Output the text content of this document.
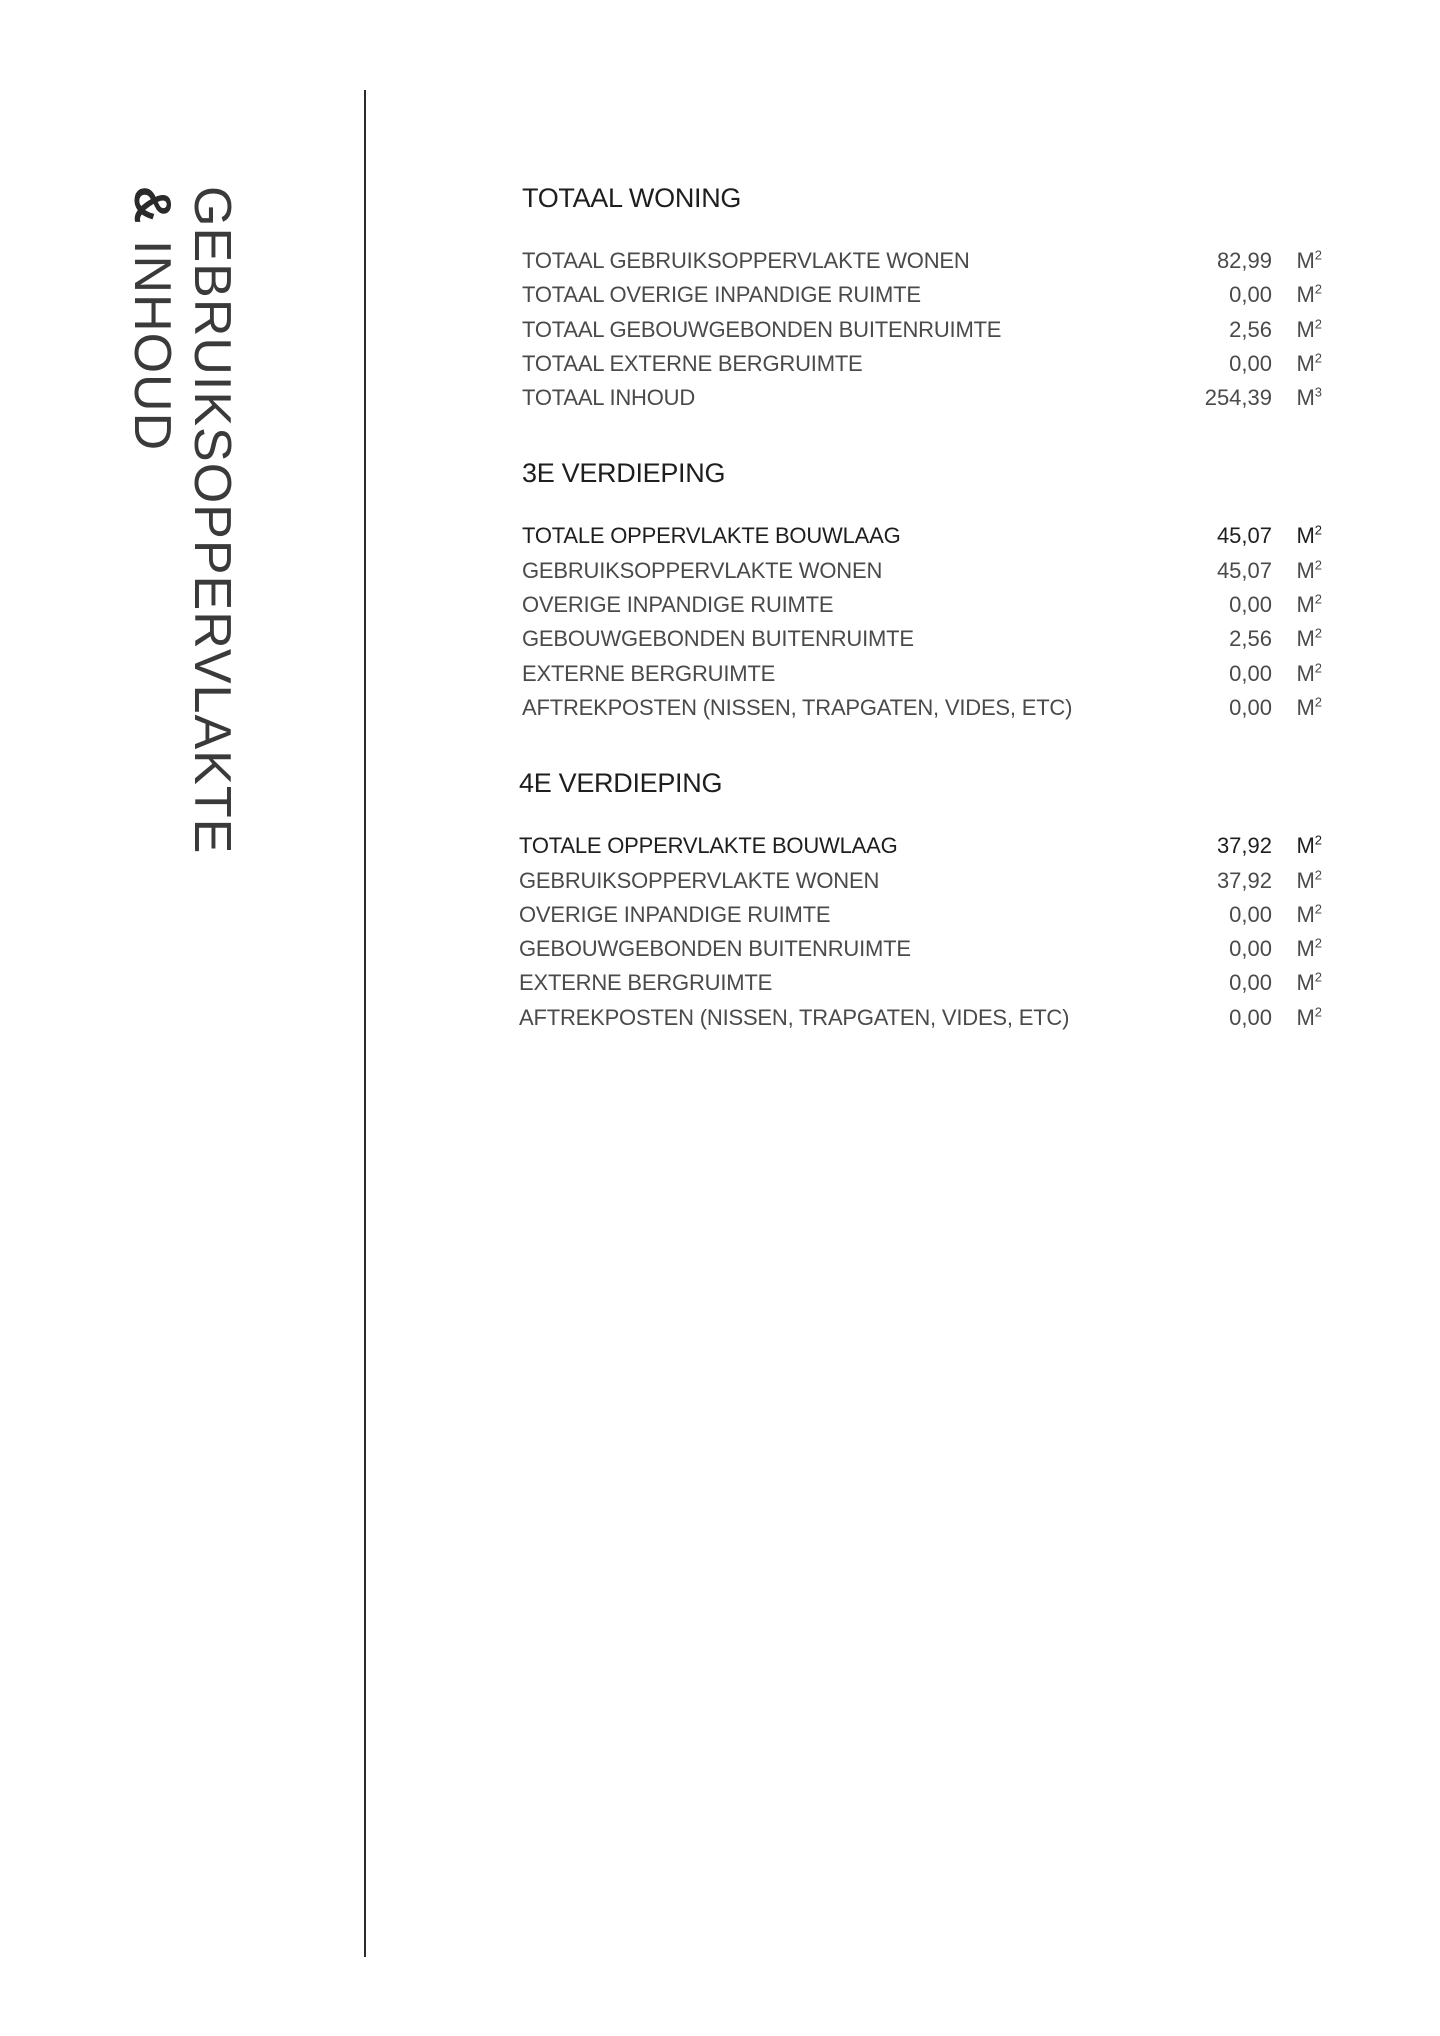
GEBRUIKSOPPERVLAKTE
& INHOUD
TOTAAL WONING
TOTAAL GEBRUIKSOPPERVLAKTE WONEN	82,99	$M^2$
TOTAAL OVERIGE INPANDIGE RUIMTE	0,00	$M^2$
TOTAAL GEBOUWGEBONDEN BUITENRUIMTE	2,56	$M^2$
TOTAAL EXTERNE BERGRUIMTE	0,00	$M^2$
TOTAAL INHOUD	254,39	$M^3$
3E VERDIEPING
TOTALE OPPERVLAKTE BOUWLAAG	45,07	$M^2$
GEBRUIKSOPPERVLAKTE WONEN	45,07	$M^2$
OVERIGE INPANDIGE RUIMTE	0,00	$M^2$
GEBOUWGEBONDEN BUITENRUIMTE	2,56	$M^2$
EXTERNE BERGRUIMTE	0,00	$M^2$
AFTREKPOSTEN (NISSEN, TRAPGATEN, VIDES, ETC)	0,00	$M^2$
4E VERDIEPING
TOTALE OPPERVLAKTE BOUWLAAG	37,92	$M^2$
GEBRUIKSOPPERVLAKTE WONEN	37,92	$M^2$
OVERIGE INPANDIGE RUIMTE	0,00	$M^2$
GEBOUWGEBONDEN BUITENRUIMTE	0,00	$M^2$
EXTERNE BERGRUIMTE	0,00	$M^2$
AFTREKPOSTEN (NISSEN, TRAPGATEN, VIDES, ETC)	0,00	$M^2$
